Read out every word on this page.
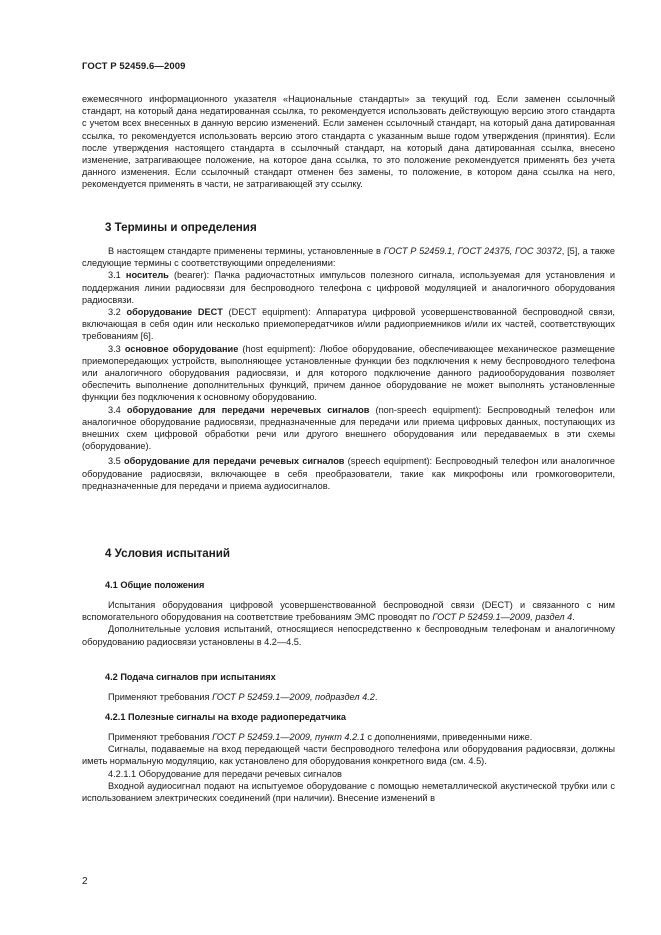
ГОСТ Р 52459.6—2009

ежемесячного информационного указателя «Национальные стандарты» за текущий год. Если заменен ссылочный стандарт, на который дана недатированная ссылка, то рекомендуется использовать действующую версию этого стандарта с учетом всех внесенных в данную версию изменений. Если заменен ссылочный стандарт, на который дана датированная ссылка, то рекомендуется использовать версию этого стандарта с указанным выше годом утверждения (принятия). Если после утверждения настоящего стандарта в ссылочный стандарт, на который дана датированная ссылка, внесено изменение, затрагивающее положение, на которое дана ссылка, то это положение рекомендуется применять без учета данного изменения. Если ссылочный стандарт отменен без замены, то положение, в котором дана ссылка на него, рекомендуется применять в части, не затрагивающей эту ссылку.

3 Термины и определения

В настоящем стандарте применены термины, установленные в ГОСТ Р 52459.1, ГОСТ 24375, ГОС 30372, [5], а также следующие термины с соответствующими определениями:

3.1 носитель (bearer): Пачка радиочастотных импульсов полезного сигнала, используемая для установления и поддержания линии радиосвязи для беспроводного телефона с цифровой модуляцией и аналогичного оборудования радиосвязи.

3.2 оборудование DECT (DECT equipment): Аппаратура цифровой усовершенствованной беспроводной связи, включающая в себя один или несколько приемопередатчиков и/или радиоприемников и/или их частей, соответствующих требованиям [6].

3.3 основное оборудование (host equipment): Любое оборудование, обеспечивающее механическое размещение приемопередающих устройств, выполняющее установленные функции без подключения к нему беспроводного телефона или аналогичного оборудования радиосвязи, и для которого подключение данного радиооборудования позволяет обеспечить выполнение дополнительных функций, причем данное оборудование не может выполнять установленные функции без подключения к основному оборудованию.

3.4 оборудование для передачи неречевых сигналов (non-speech equipment): Беспроводный телефон или аналогичное оборудование радиосвязи, предназначенные для передачи или приема цифровых данных, поступающих из внешних схем цифровой обработки речи или другого внешнего оборудования или передаваемых в эти схемы (оборудование).

3.5 оборудование для передачи речевых сигналов (speech equipment): Беспроводный телефон или аналогичное оборудование радиосвязи, включающее в себя преобразователи, такие как микрофоны или громкоговорители, предназначенные для передачи и приема аудиосигналов.

4 Условия испытаний
4.1 Общие положения

Испытания оборудования цифровой усовершенствованной беспроводной связи (DECT) и связанного с ним вспомогательного оборудования на соответствие требованиям ЭМС проводят по ГОСТ Р 52459.1—2009, раздел 4.

Дополнительные условия испытаний, относящиеся непосредственно к беспроводным телефонам и аналогичному оборудованию радиосвязи установлены в 4.2—4.5.

4.2 Подача сигналов при испытаниях

Применяют требования ГОСТ Р 52459.1—2009, подраздел 4.2.

4.2.1 Полезные сигналы на входе радиопередатчика

Применяют требования ГОСТ Р 52459.1—2009, пункт 4.2.1 с дополнениями, приведенными ниже.

Сигналы, подаваемые на вход передающей части беспроводного телефона или оборудования радиосвязи, должны иметь нормальную модуляцию, как установлено для оборудования конкретного вида (см. 4.5).

4.2.1.1 Оборудование для передачи речевых сигналов

Входной аудиосигнал подают на испытуемое оборудование с помощью неметаллической акустической трубки или с использованием электрических соединений (при наличии). Внесение изменений в

2
